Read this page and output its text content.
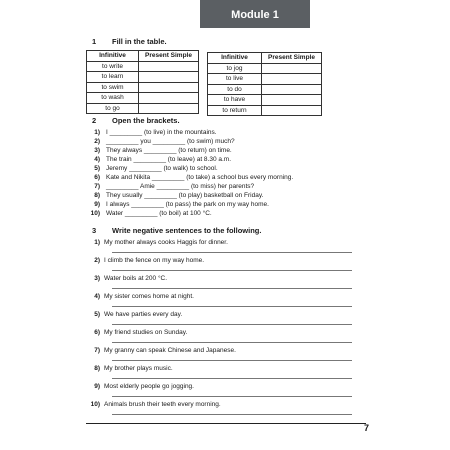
Module 1
1 Fill in the table.
Infinitive	Present Simple
to write	
to learn	
to swim	
to wash	
to go	
Infinitive	Present Simple
to jog	
to live	
to do	
to have	
to return	
2 Open the brackets.
1) I _________ (to live) in the mountains.
2) _________ you _________ (to swim) much?
3) They always _________ (to return) on time.
4) The train _________ (to leave) at 8.30 a.m.
5) Jeremy _________ (to walk) to school.
6) Kate and Nikita _________ (to take) a school bus every morning.
7) _________ Amie _________ (to miss) her parents?
8) They usually _________ (to play) basketball on Friday.
9) I always _________ (to pass) the park on my way home.
10) Water _________ (to boil) at 100 °C.
3 Write negative sentences to the following.
1) My mother always cooks Haggis for dinner.
2) I climb the fence on my way home.
3) Water boils at 200 °C.
4) My sister comes home at night.
5) We have parties every day.
6) My friend studies on Sunday.
7) My granny can speak Chinese and Japanese.
8) My brother plays music.
9) Most elderly people go jogging.
10) Animals brush their teeth every morning.
7
